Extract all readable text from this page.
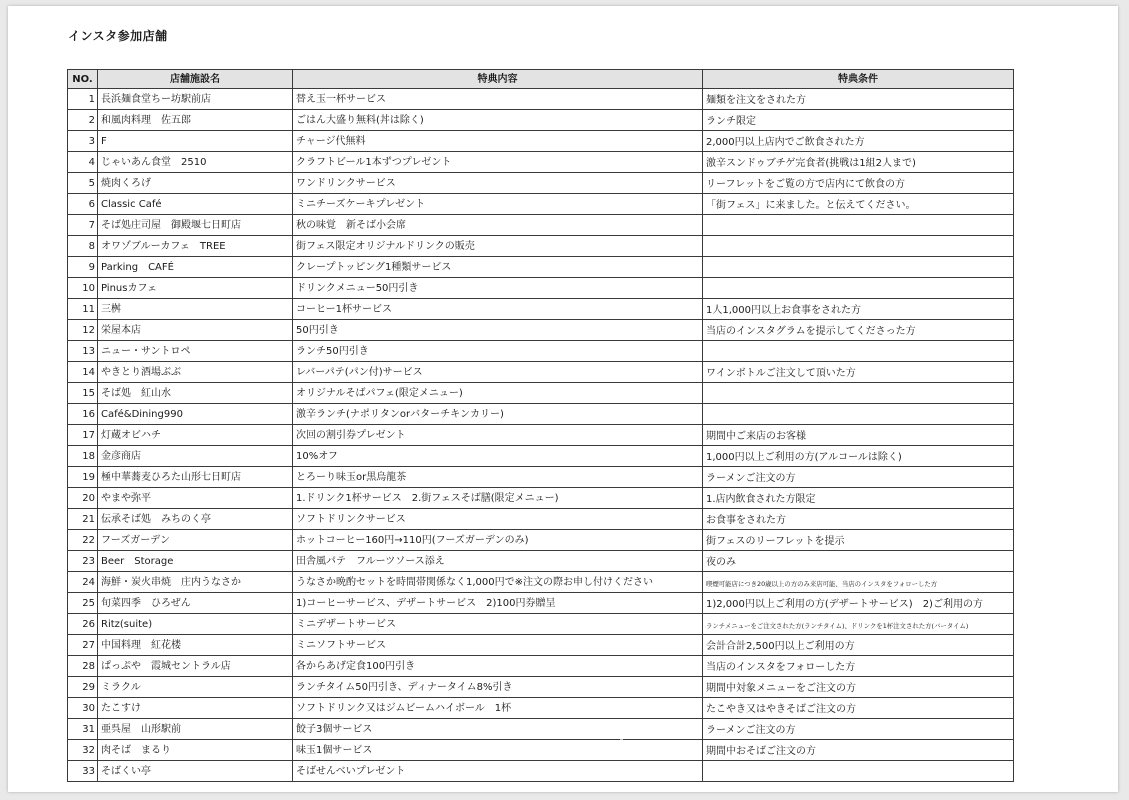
インスタ参加店舗
NO.	店舗施設名	特典内容	特典条件
1	長浜麺食堂ちー坊駅前店	替え玉一杯サービス	麺類を注文をされた方
2	和風肉料理　佐五郎	ごはん大盛り無料(丼は除く)	ランチ限定
3	F	チャージ代無料	2,000円以上店内でご飲食された方
4	じゃいあん食堂　2510	クラフトビール1本ずつプレゼント	激辛スンドゥブチゲ完食者(挑戦は1組2人まで)
5	焼肉くろげ	ワンドリンクサービス	リーフレットをご覧の方で店内にて飲食の方
6	Classic Café	ミニチーズケーキプレゼント	「街フェス」に来ました。と伝えてください。
7	そば処庄司屋　御殿堰七日町店	秋の味覚　新そば小会席	
8	オワゾブルーカフェ　TREE	街フェス限定オリジナルドリンクの販売	
9	Parking　CAFÉ	クレープトッピング1種類サービス	
10	Pinusカフェ	ドリンクメニュー50円引き	
11	三桝	コーヒー1杯サービス	1人1,000円以上お食事をされた方
12	栄屋本店	50円引き	当店のインスタグラムを提示してくださった方
13	ニュー・サントロペ	ランチ50円引き	
14	やきとり酒場ぶぶ	レバーパテ(パン付)サービス	ワインボトルご注文して頂いた方
15	そば処　紅山水	オリジナルそばパフェ(限定メニュー)	
16	Café&Dining990	激辛ランチ(ナポリタンorバターチキンカリー)	
17	灯蔵オビハチ	次回の割引券プレゼント	期間中ご来店のお客様
18	金彦商店	10%オフ	1,000円以上ご利用の方(アルコールは除く)
19	極中華蕎麦ひろた山形七日町店	とろーり味玉or黒烏龍茶	ラーメンご注文の方
20	やまや弥平	1.ドリンク1杯サービス　2.街フェスそば膳(限定メニュー)	1.店内飲食された方限定
21	伝承そば処　みちのく亭	ソフトドリンクサービス	お食事をされた方
22	フーズガーデン	ホットコーヒー160円→110円(フーズガーデンのみ)	街フェスのリーフレットを提示
23	Beer　Storage	田舎風パテ　フルーツソース添え	夜のみ
24	海鮮・炭火串焼　庄内うなさか	うなさか晩酌セットを時間帯関係なく1,000円で※注文の際お申し付けください	喫煙可能店につき20歳以上の方のみ来店可能、当店のインスタをフォローした方
25	旬菜四季　ひろぜん	1)コーヒーサービス、デザートサービス　2)100円券贈呈	1)2,000円以上ご利用の方(デザートサービス)　2)ご利用の方
26	Ritz(suite)	ミニデザートサービス	ランチメニューをご注文された方(ランチタイム)、ドリンクを1杯注文された方(バータイム)
27	中国料理　紅花楼	ミニソフトサービス	会計合計2,500円以上ご利用の方
28	ぱっぷや　霞城セントラル店	各からあげ定食100円引き	当店のインスタをフォローした方
29	ミラクル	ランチタイム50円引き、ディナータイム8%引き	期間中対象メニューをご注文の方
30	たこすけ	ソフトドリンク又はジムビームハイボール　1杯	たこやき又はやきそばご注文の方
31	亜呉屋　山形駅前	餃子3個サービス	ラーメンご注文の方
32	肉そば　まるり	味玉1個サービス	期間中おそばご注文の方
33	そばくい亭	そばせんべいプレゼント	
